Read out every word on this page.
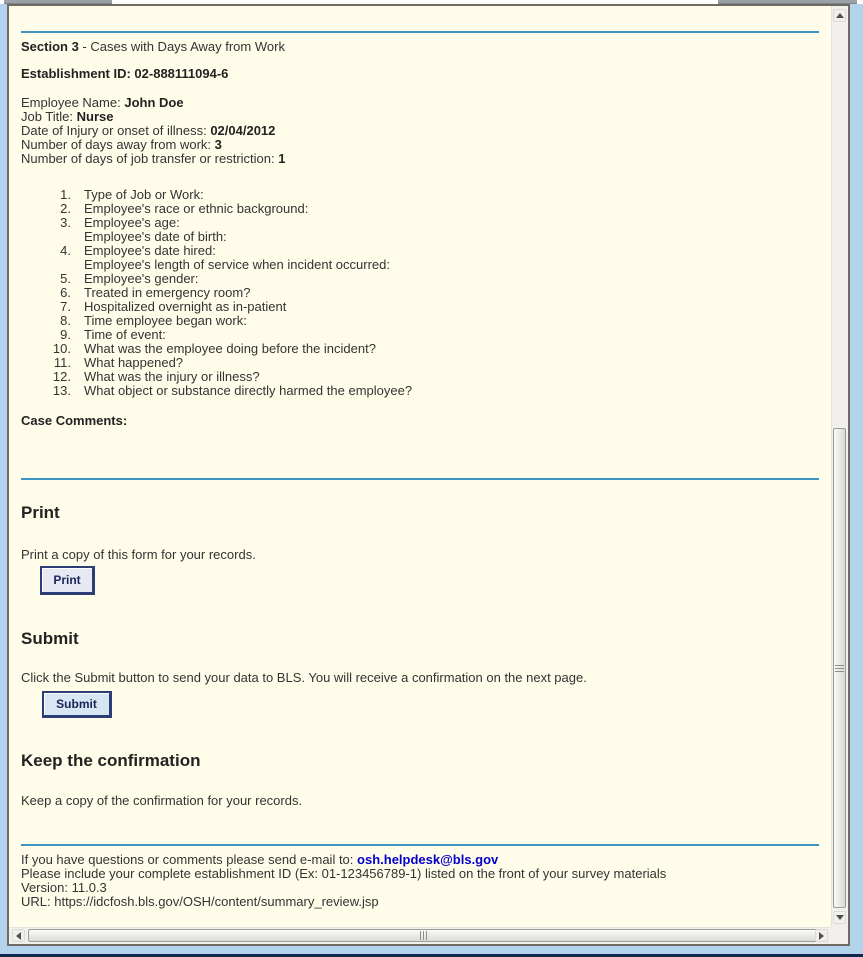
Section 3 - Cases with Days Away from Work
Establishment ID: 02-888111094-6
Employee Name: John Doe
Job Title: Nurse
Date of Injury or onset of illness: 02/04/2012
Number of days away from work: 3
Number of days of job transfer or restriction: 1
1. Type of Job or Work:
2. Employee's race or ethnic background:
3. Employee's age:
Employee's date of birth:
4. Employee's date hired:
Employee's length of service when incident occurred:
5. Employee's gender:
6. Treated in emergency room?
7. Hospitalized overnight as in-patient
8. Time employee began work:
9. Time of event:
10. What was the employee doing before the incident?
11. What happened?
12. What was the injury or illness?
13. What object or substance directly harmed the employee?
Case Comments:
Print
Print a copy of this form for your records.
Print
Submit
Click the Submit button to send your data to BLS. You will receive a confirmation on the next page.
Submit
Keep the confirmation
Keep a copy of the confirmation for your records.
If you have questions or comments please send e-mail to: osh.helpdesk@bls.gov
Please include your complete establishment ID (Ex: 01-123456789-1) listed on the front of your survey materials
Version: 11.0.3
URL: https://idcfosh.bls.gov/OSH/content/summary_review.jsp
